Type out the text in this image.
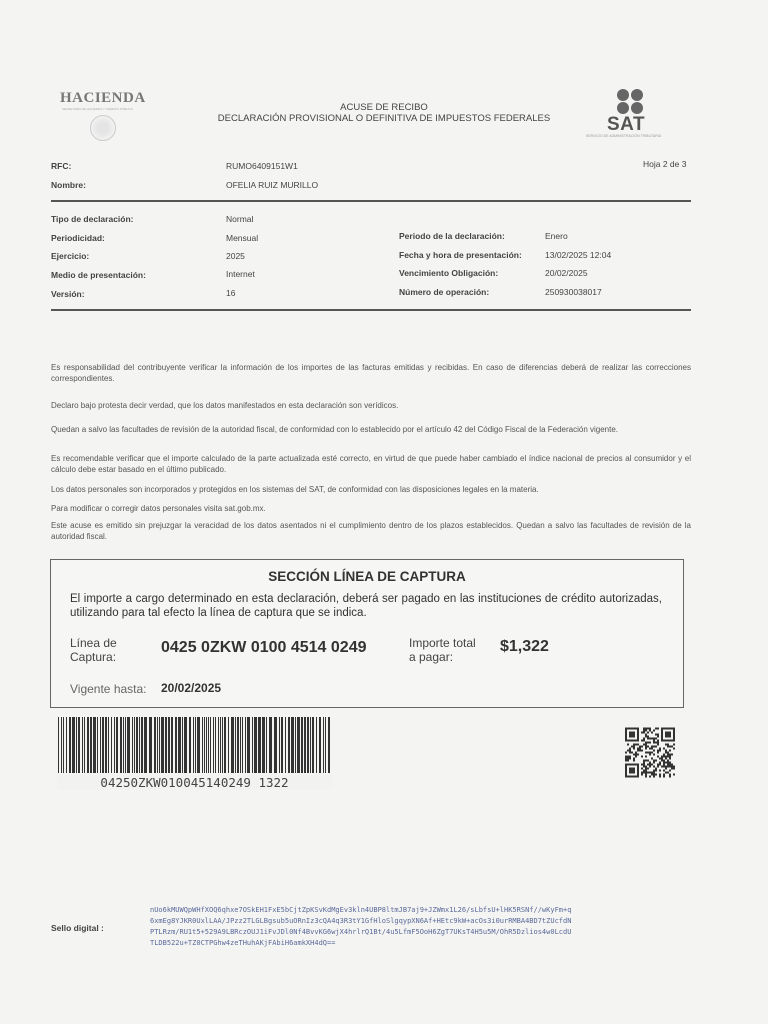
HACIENDA
SECRETARÍA DE HACIENDA Y CRÉDITO PÚBLICO	ACUSE DE RECIBO
DECLARACIÓN PROVISIONAL O DEFINITIVA DE IMPUESTOS FEDERALES	SAT
SERVICIO DE ADMINISTRACIÓN TRIBUTARIA
RFC:	RUMO6409151W1	Hoja 2 de 3
Nombre:	OFELIA RUIZ MURILLO
Tipo de declaración:	Normal
Periodicidad:	Mensual
Ejercicio:	2025
Medio de presentación:	Internet
Versión:	16
Periodo de la declaración:	Enero
Fecha y hora de presentación:	13/02/2025 12:04
Vencimiento Obligación:	20/02/2025
Número de operación:	250930038017
Es responsabilidad del contribuyente verificar la información de los importes de las facturas emitidas y recibidas. En caso de diferencias deberá de realizar las correcciones correspondientes.
Declaro bajo protesta decir verdad, que los datos manifestados en esta declaración son verídicos.
Quedan a salvo las facultades de revisión de la autoridad fiscal, de conformidad con lo establecido por el artículo 42 del Código Fiscal de la Federación vigente.
Es recomendable verificar que el importe calculado de la parte actualizada esté correcto, en virtud de que puede haber cambiado el índice nacional de precios al consumidor y el cálculo debe estar basado en el último publicado.
Los datos personales son incorporados y protegidos en los sistemas del SAT, de conformidad con las disposiciones legales en la materia.
Para modificar o corregir datos personales visita sat.gob.mx.
Este acuse es emitido sin prejuzgar la veracidad de los datos asentados ni el cumplimiento dentro de los plazos establecidos. Quedan a salvo las facultades de revisión de la autoridad fiscal.
SECCIÓN LÍNEA DE CAPTURA
El importe a cargo determinado en esta declaración, deberá ser pagado en las instituciones de crédito autorizadas, utilizando para tal efecto la línea de captura que se indica.
Línea de
Captura:
0425 0ZKW 0100 4514 0249	Importe total
a pagar:
$1,322
Vigente hasta: 20/02/2025
04250ZKW010045140249 1322
Sello digital :
nUo6kMUWQpWHfXOQ6qhxe7OSkEH1FxE5bCjtZpKSvKdMgEv3kln4UBP8ltmJB7aj9+JZWmx1L26/sLbfsU+lHK5RSNf//wKyFm+q
6xmEg8YJKR0UxlLAA/JPzz2TLGLBgsub5uORnIz3cQA4q3R3tY1GfHloSlgqypXN6Af+HEtc9kW+acOs3i0urRMBA4BD7tZUcfdN
PTLRzm/RU1t5+529A9LBRczOUJ1iFvJDl0Nf4BvvKG6wjX4hrlrQ1Bt/4u5LfmF5OoH6ZgT7UKsT4H5u5M/OhR5Dzlios4w0LcdU
TLDB522u+TZ0CTPGhw4zeTHuhAKjFAbiH6amkXH4dQ==
